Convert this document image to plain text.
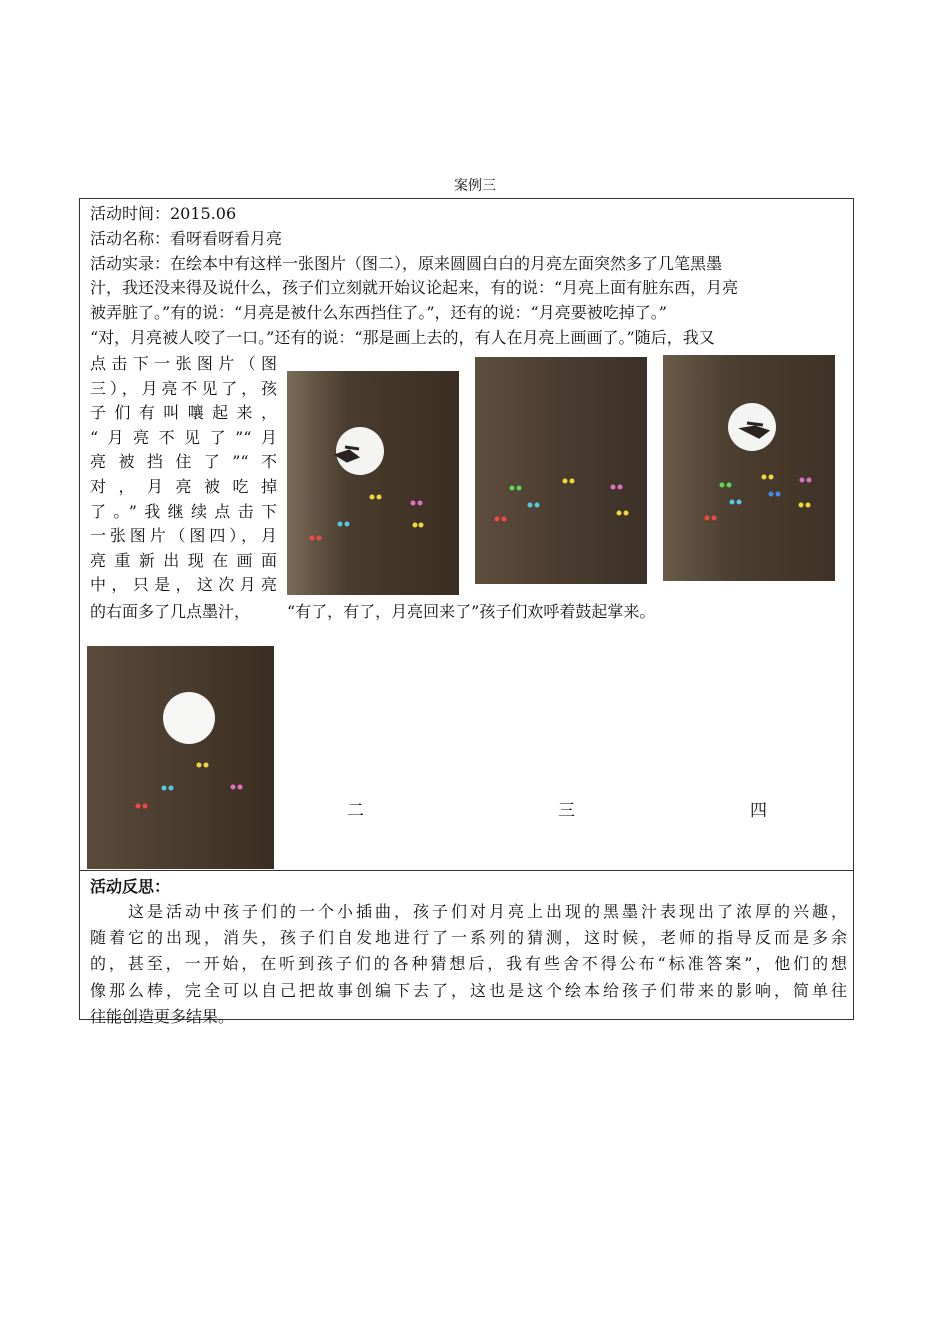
案例三
活动时间：2015.06
活动名称：看呀看呀看月亮
活动实录：在绘本中有这样一张图片（图二），原来圆圆白白的月亮左面突然多了几笔黑墨
汁，我还没来得及说什么，孩子们立刻就开始议论起来，有的说：“月亮上面有脏东西，月亮
被弄脏了。”有的说：“月亮是被什么东西挡住了。”，还有的说：“月亮要被吃掉了。”
“对，月亮被人咬了一口。”还有的说：“那是画上去的，有人在月亮上画画了。”随后，我又
点击下一张图片（图
三），月亮不见了，孩
子们有叫嚷起来，
“月亮不见了”“月
亮被挡住了”“不
对，月亮被吃掉
了。”我继续点击下
一张图片（图四），月
亮重新出现在画面
中，只是，这次月亮
的右面多了几点墨汁， “有了，有了，月亮回来了”孩子们欢呼着鼓起掌来。
二	三	四
活动反思：
　　这是活动中孩子们的一个小插曲，孩子们对月亮上出现的黑墨汁表现出了浓厚的兴趣，
随着它的出现，消失，孩子们自发地进行了一系列的猜测，这时候，老师的指导反而是多余
的，甚至，一开始，在听到孩子们的各种猜想后，我有些舍不得公布“标准答案”，他们的想
像那么棒，完全可以自己把故事创编下去了，这也是这个绘本给孩子们带来的影响，简单往
往能创造更多结果。
